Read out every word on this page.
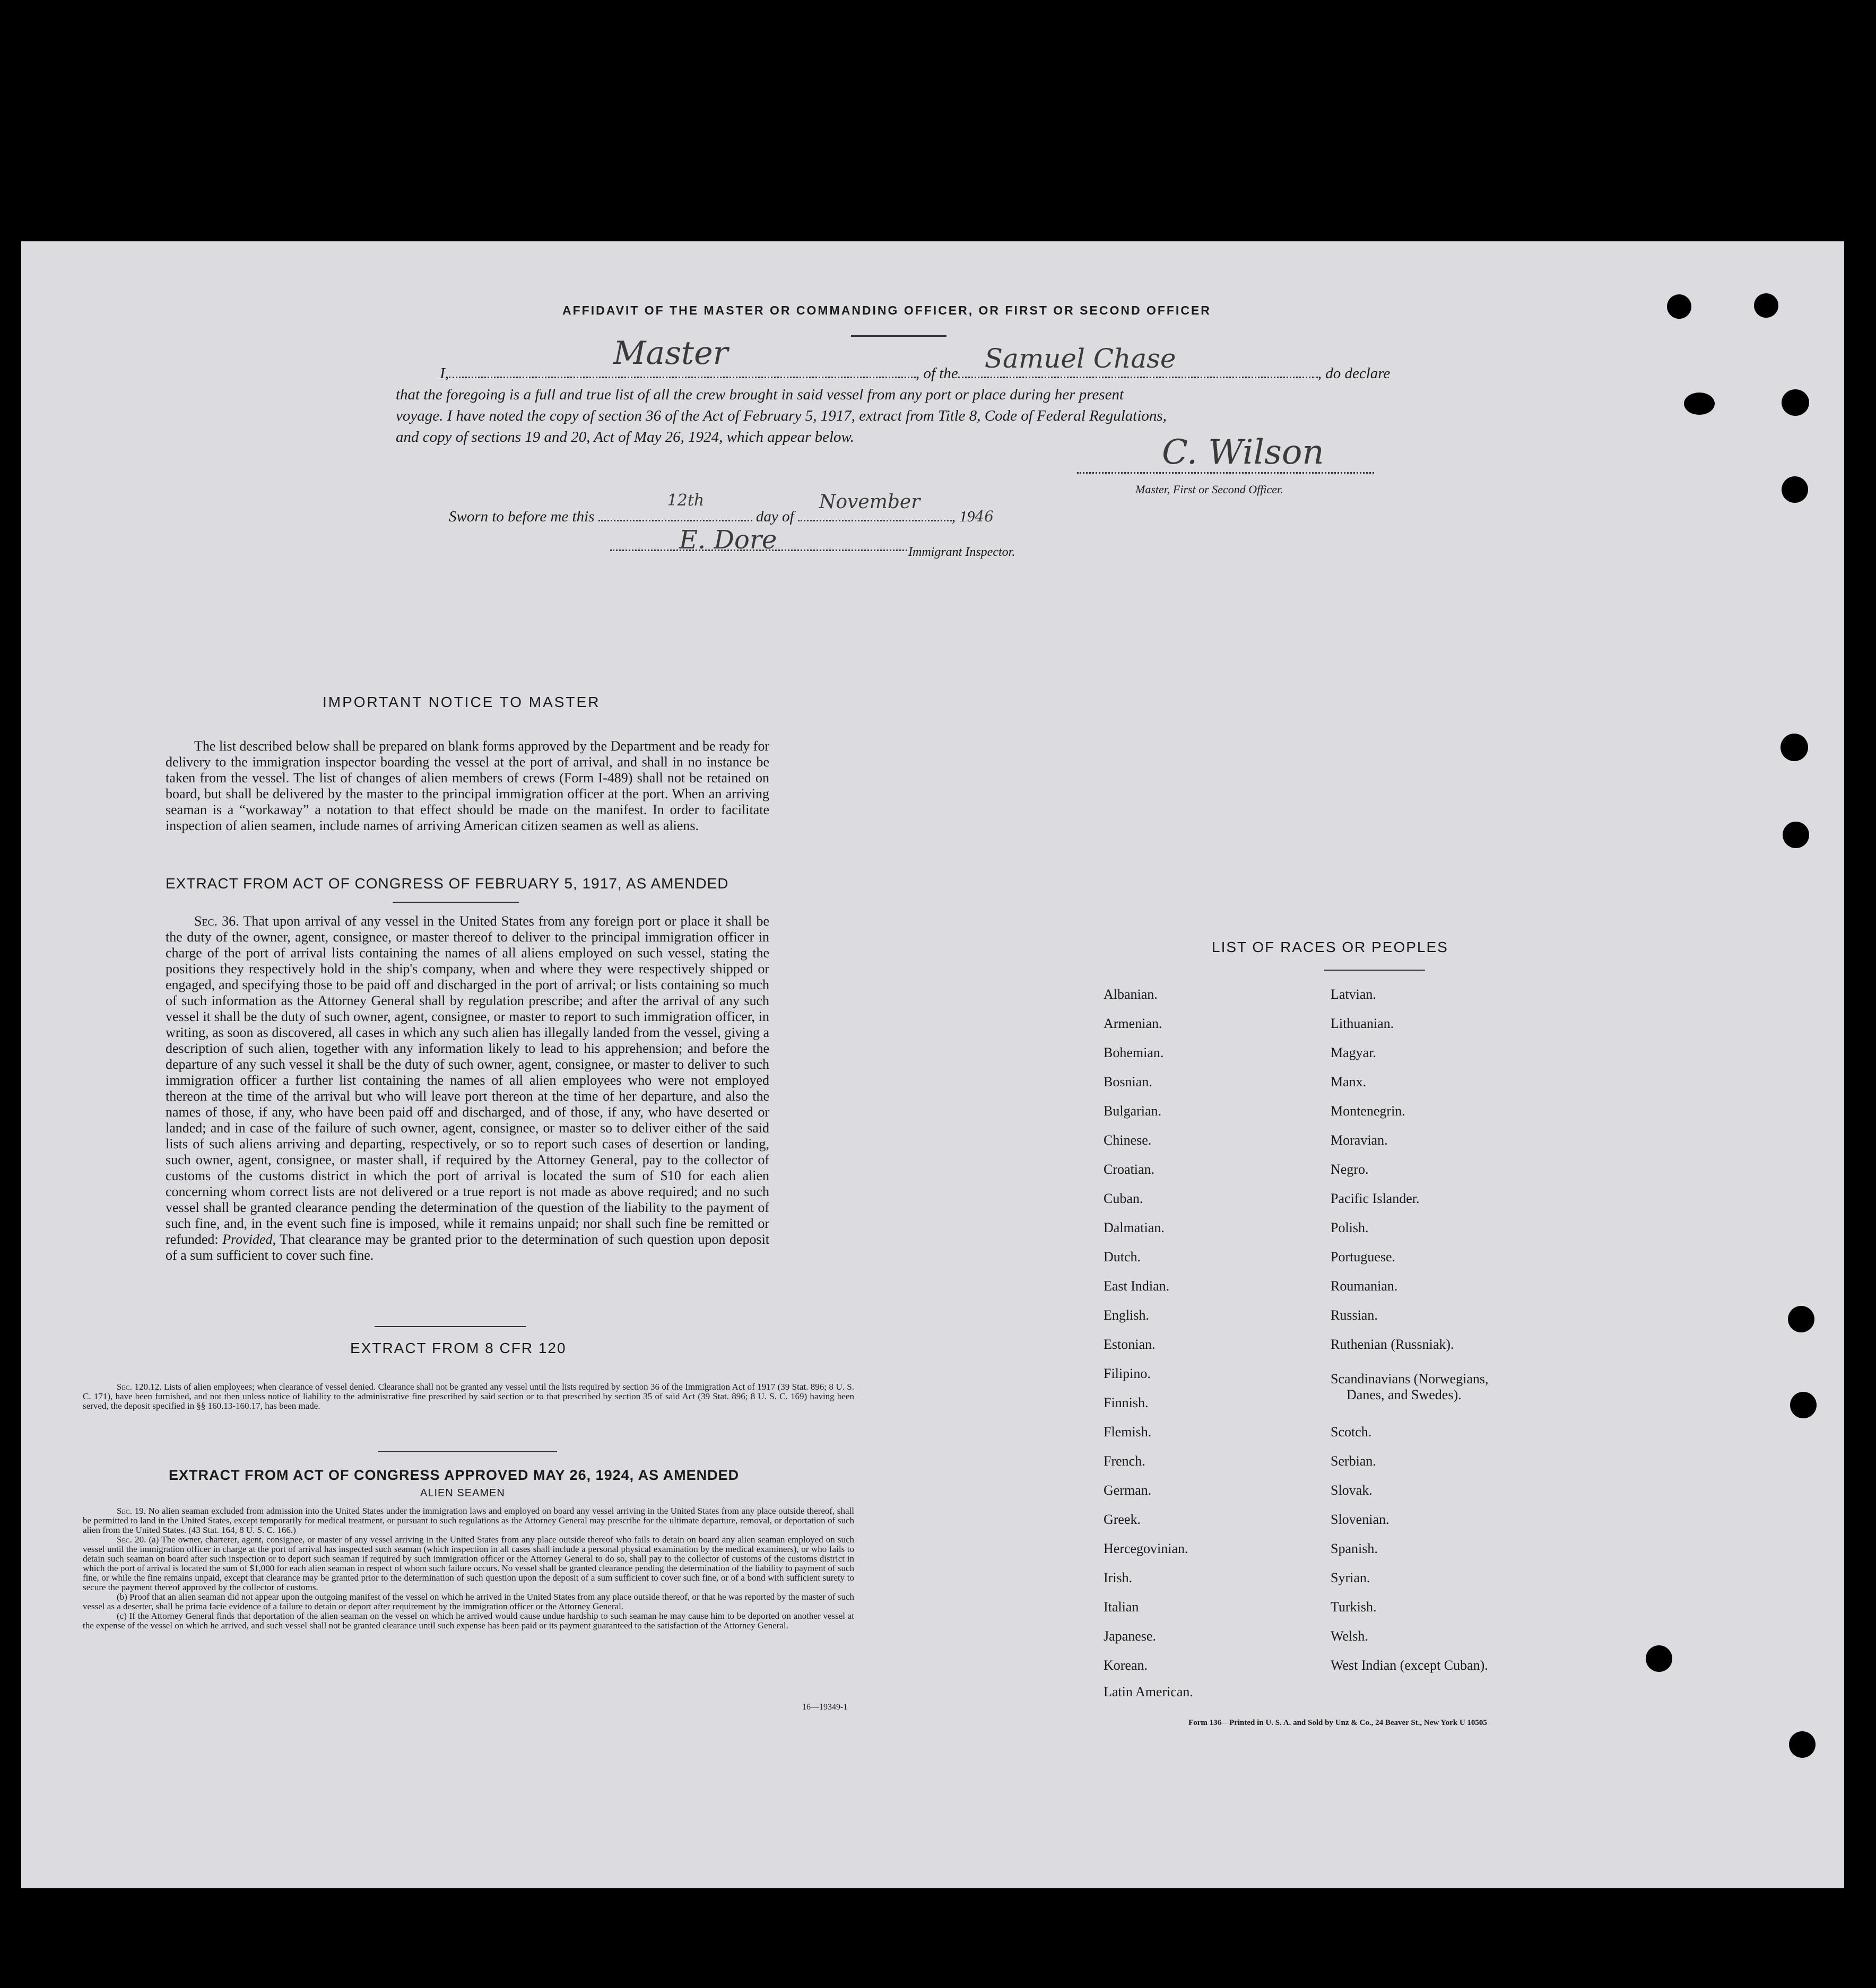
AFFIDAVIT OF THE MASTER OR COMMANDING OFFICER, OR FIRST OR SECOND OFFICER
I,
Master
, of the Samuel Chase	, do declare
that the foregoing is a full and true list of all the crew brought in said vessel from any port or place during her present
voyage. I have noted the copy of section 36 of the Act of February 5, 1917, extract from Title 8, Code of Federal Regulations,
and copy of sections 19 and 20, Act of May 26, 1924, which appear below.	C. Wilson
Master, First or Second Officer.
Sworn to before me this
12th
day of
November
, 1946
E. Dore	Immigrant Inspector.
IMPORTANT NOTICE TO MASTER
The list described below shall be prepared on blank forms approved by the Department and be ready for delivery to the immigration inspector boarding the vessel at the port of arrival, and shall in no instance be taken from the vessel. The list of changes of alien members of crews (Form I-489) shall not be retained on board, but shall be delivered by the master to the principal immigration officer at the port. When an arriving seaman is a “workaway” a notation to that effect should be made on the manifest. In order to facilitate inspection of alien seamen, include names of arriving American citizen seamen as well as aliens.
EXTRACT FROM ACT OF CONGRESS OF FEBRUARY 5, 1917, AS AMENDED
Sec. 36. That upon arrival of any vessel in the United States from any foreign port or place it shall be the duty of the owner, agent, consignee, or master thereof to deliver to the principal immigration officer in charge of the port of arrival lists containing the names of all aliens employed on such vessel, stating the positions they respectively hold in the ship's company, when and where they were respectively shipped or engaged, and specifying those to be paid off and discharged in the port of arrival; or lists containing so much of such information as the Attorney General shall by regulation prescribe; and after the arrival of any such vessel it shall be the duty of such owner, agent, consignee, or master to report to such immigration officer, in writing, as soon as discovered, all cases in which any such alien has illegally landed from the vessel, giving a description of such alien, together with any information likely to lead to his apprehension; and before the departure of any such vessel it shall be the duty of such owner, agent, consignee, or master to deliver to such immigration officer a further list containing the names of all alien employees who were not employed thereon at the time of the arrival but who will leave port thereon at the time of her departure, and also the names of those, if any, who have been paid off and discharged, and of those, if any, who have deserted or landed; and in case of the failure of such owner, agent, consignee, or master so to deliver either of the said lists of such aliens arriving and departing, respectively, or so to report such cases of desertion or landing, such owner, agent, consignee, or master shall, if required by the Attorney General, pay to the collector of customs of the customs district in which the port of arrival is located the sum of $10 for each alien concerning whom correct lists are not delivered or a true report is not made as above required; and no such vessel shall be granted clearance pending the determination of the question of the liability to the payment of such fine, and, in the event such fine is imposed, while it remains unpaid; nor shall such fine be remitted or refunded: Provided, That clearance may be granted prior to the determination of such question upon deposit of a sum sufficient to cover such fine.
EXTRACT FROM 8 CFR 120
Sec. 120.12. Lists of alien employees; when clearance of vessel denied. Clearance shall not be granted any vessel until the lists required by section 36 of the Immigration Act of 1917 (39 Stat. 896; 8 U. S. C. 171), have been furnished, and not then unless notice of liability to the administrative fine prescribed by said section or to that prescribed by section 35 of said Act (39 Stat. 896; 8 U. S. C. 169) having been served, the deposit specified in §§ 160.13-160.17, has been made.
EXTRACT FROM ACT OF CONGRESS APPROVED MAY 26, 1924, AS AMENDED
ALIEN SEAMEN
Sec. 19. No alien seaman excluded from admission into the United States under the immigration laws and employed on board any vessel arriving in the United States from any place outside thereof, shall be permitted to land in the United States, except temporarily for medical treatment, or pursuant to such regulations as the Attorney General may prescribe for the ultimate departure, removal, or deportation of such alien from the United States. (43 Stat. 164, 8 U. S. C. 166.)
Sec. 20. (a) The owner, charterer, agent, consignee, or master of any vessel arriving in the United States from any place outside thereof who fails to detain on board any alien seaman employed on such vessel until the immigration officer in charge at the port of arrival has inspected such seaman (which inspection in all cases shall include a personal physical examination by the medical examiners), or who fails to detain such seaman on board after such inspection or to deport such seaman if required by such immigration officer or the Attorney General to do so, shall pay to the collector of customs of the customs district in which the port of arrival is located the sum of $1,000 for each alien seaman in respect of whom such failure occurs. No vessel shall be granted clearance pending the determination of the liability to payment of such fine, or while the fine remains unpaid, except that clearance may be granted prior to the determination of such question upon the deposit of a sum sufficient to cover such fine, or of a bond with sufficient surety to secure the payment thereof approved by the collector of customs.
(b) Proof that an alien seaman did not appear upon the outgoing manifest of the vessel on which he arrived in the United States from any place outside thereof, or that he was reported by the master of such vessel as a deserter, shall be prima facie evidence of a failure to detain or deport after requirement by the immigration officer or the Attorney General.
(c) If the Attorney General finds that deportation of the alien seaman on the vessel on which he arrived would cause undue hardship to such seaman he may cause him to be deported on another vessel at the expense of the vessel on which he arrived, and such vessel shall not be granted clearance until such expense has been paid or its payment guaranteed to the satisfaction of the Attorney General.
16—19349-1
LIST OF RACES OR PEOPLES
Albanian.
Armenian.
Bohemian.
Bosnian.
Bulgarian.
Chinese.
Croatian.
Cuban.
Dalmatian.
Dutch.
East Indian.
English.
Estonian.
Filipino.
Finnish.
Flemish.
French.
German.
Greek.
Hercegovinian.
Irish.
Italian
Japanese.
Korean.
Latin American.
Latvian.
Lithuanian.
Magyar.
Manx.
Montenegrin.
Moravian.
Negro.
Pacific Islander.
Polish.
Portuguese.
Roumanian.
Russian.
Ruthenian (Russniak).
Scandinavians (Norwegians,
Danes, and Swedes).
Scotch.
Serbian.
Slovak.
Slovenian.
Spanish.
Syrian.
Turkish.
Welsh.
West Indian (except Cuban).
Form 136—Printed in U. S. A. and Sold by Unz & Co., 24 Beaver St., New York U 10505
